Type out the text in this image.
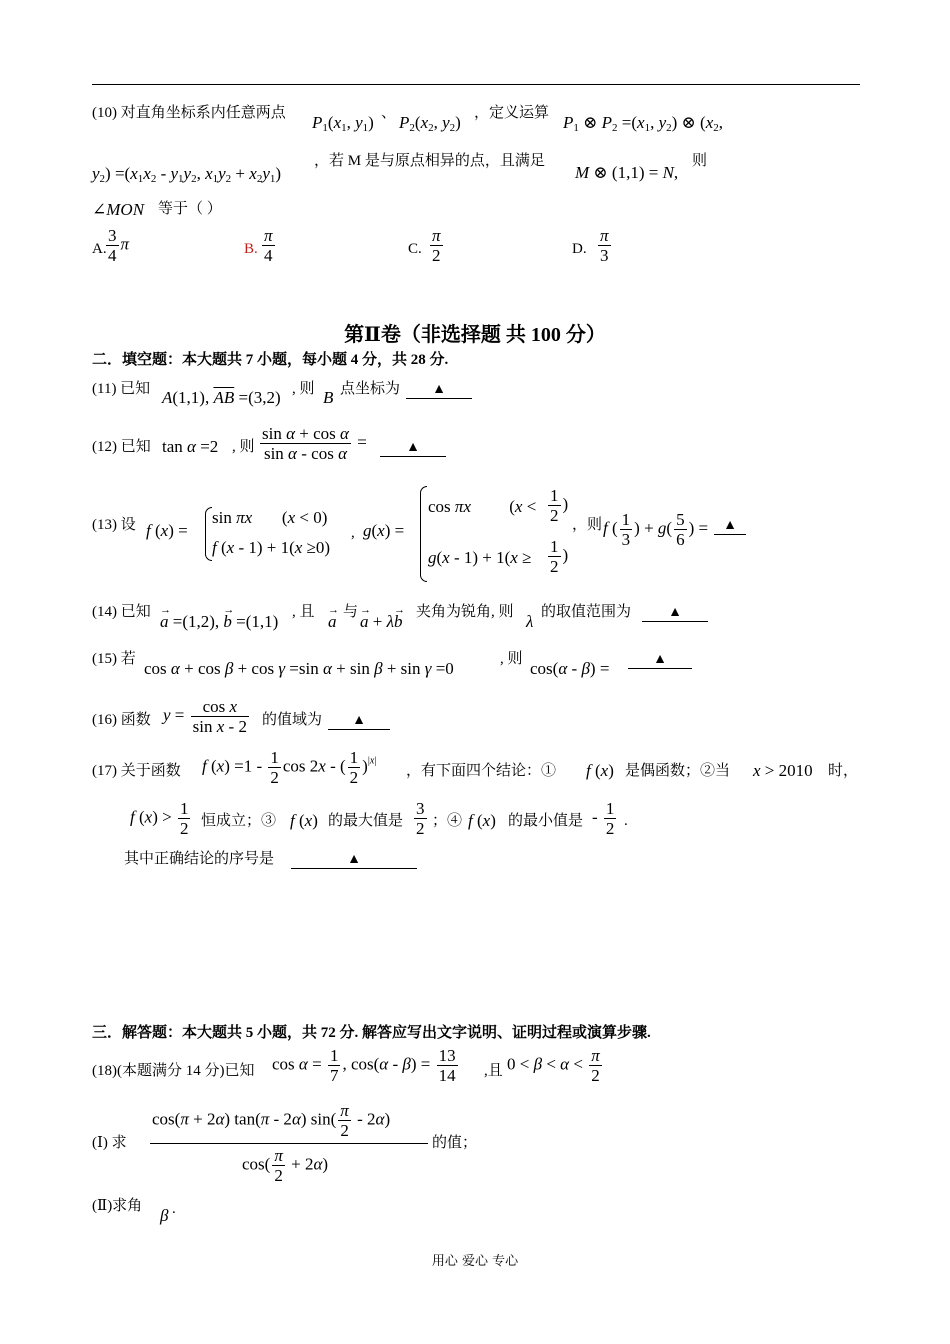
(10) 对直角坐标系内任意两点 $P_1(x_1$, $y_1$) 、 $P_2(x_2$, $y_2$) ，定义运算 $P_1$ ⊗ $P_2 =(x_1$, $y_2$) ⊗ ($x_2$,
$y_2) =(x_1x_2 - y_1y_2$, $x_1y_2 + x_2y_1$)
，若 M 是与原点相异的点，且满足
M ⊗ (1,1) = N,
则
∠MON 等于（ ）
A. $\frac{3}{4}$ π	B. $\frac{\pi}{4}$	C. $\frac{\pi}{2}$	D. $\frac{\pi}{3}$
第Ⅱ卷（非选择题 共 100 分）
二．填空题：本大题共 7 小题，每小题 4 分，共 28 分.
(11) 已知 A(1,1), $\overline{AB} =(3,2)$ , 则 B 点坐标为	▲
(12) 已知 tan α =2 , 则 $\frac{\text{sin α + cos α}}{\text{sin α - cos α}}$ =	▲
(13) 设 f (x) =
sin πx       (x < 0)
f (x - 1) + 1(x ≥0)
, g(x) =
cos πx         ($x < \frac{1}{2}$ )
$g(x - 1) + 1(x \ge \frac{1}{2}$ )
，则 f ( $\frac{1}{3}$ ) + $g( \frac{5}{6}$ ) =	▲
(14) 已知 → a =(1,2), → b =(1,1) , 且 → a 与 → a + λ→ b 夹角为锐角, 则 λ 的取值范围为	▲
(15) 若 cos α + cos β + cos γ =sin α + sin β + sin γ =0	, 则 cos(α - β) =	▲
(16) 函数 $y = \frac{\text{cos x}}{\text{sin x - 2}}$ 的值域为	▲
(17) 关于函数 f $(x) =1 - \frac{1}{2}$ cos 2x - ( $\frac{1}{2} )^{|x|}$
，有下面四个结论：① f (x) 是偶函数；②当 x > 2010 时，
f $(x) > \frac{1}{2}$ 恒成立；③ f (x) 的最大值是 $\frac{3}{2}$ ；④ f (x) 的最小值是 - $\frac{1}{2}$ .
其中正确结论的序号是	▲
三．解答题：本大题共 5 小题，共 72 分. 解答应写出文字说明、证明过程或演算步骤.
(18)(本题满分 14 分)已知 $\cos \alpha = \frac{1}{7}$ , $\cos(\alpha - \beta) = \frac{13}{14}$ ,且 $0 < \beta < \alpha < \frac{\pi}{2}$
(Ⅰ) 求
cos(π + 2α) tan(π - 2α) $\sin( \frac{\pi}{2} - 2\alpha)$
$\cos( \frac{\pi}{2} + 2\alpha)$
的值；
(Ⅱ)求角 β .
用心 爱心 专心
